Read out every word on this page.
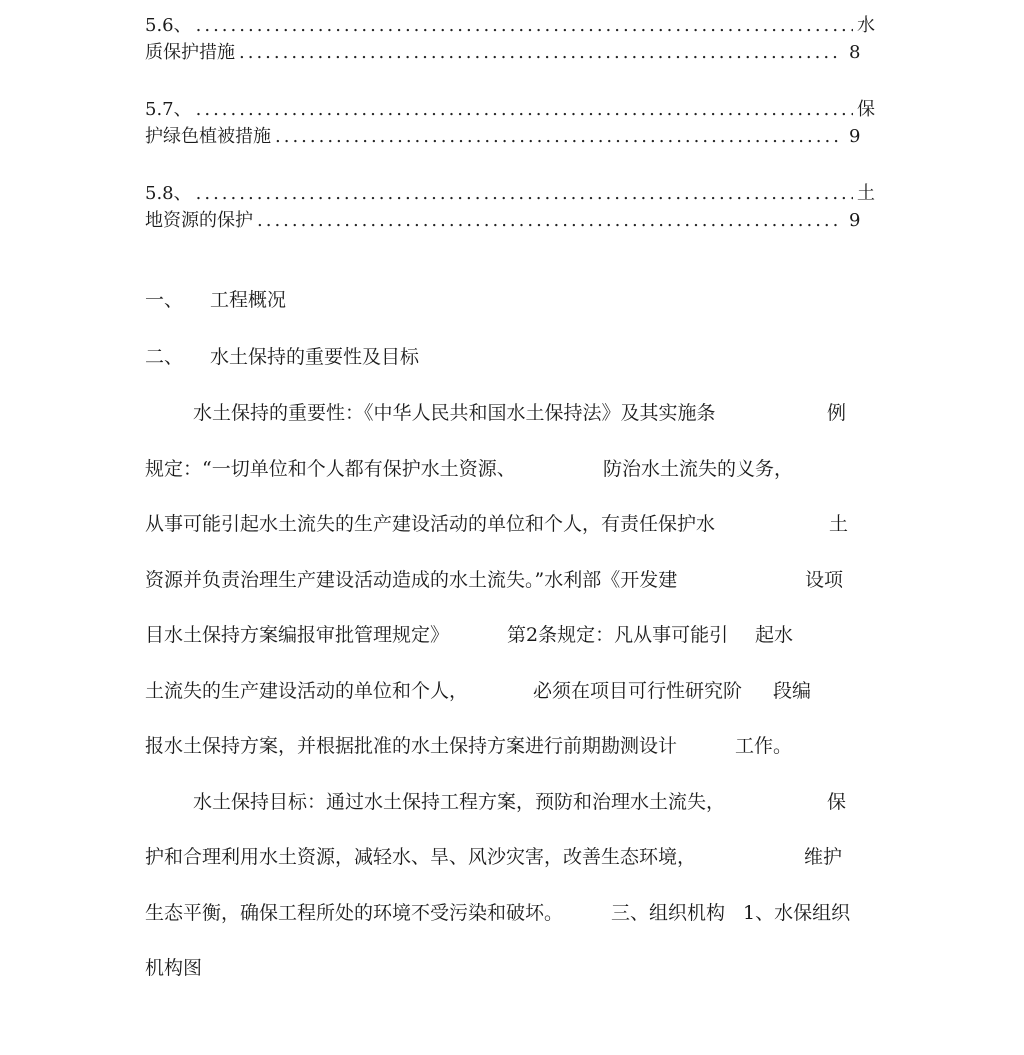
5.6、 .....	水
质保护措施 .....	8
5.7、 .....	保
护绿色植被措施 .....	9
5.8、 .....	土
地资源的保护 .....	9
一、 工程概况
二、 水土保持的重要性及目标
水土保持的重要性：《中华人民共和国水土保持法》及其实施条	例
规定：“一切单位和个人都有保护水土资源、	防治水土流失的义务，
从事可能引起水土流失的生产建设活动的单位和个人，有责任保护水	土
资源并负责治理生产建设活动造成的水土流失。”水利部《开发建	设项
目水土保持方案编报审批管理规定》	第2条规定：凡从事可能引 起水
土流失的生产建设活动的单位和个人，	必须在项目可行性研究阶 段编
报水土保持方案，并根据批准的水土保持方案进行前期勘测设计	工作。
水土保持目标：通过水土保持工程方案，预防和治理水土流失，	保
护和合理利用水土资源，减轻水、旱、风沙灾害，改善生态环境，	维护
生态平衡，确保工程所处的环境不受污染和破坏。	三、组织机构 1、水保组织
机构图
